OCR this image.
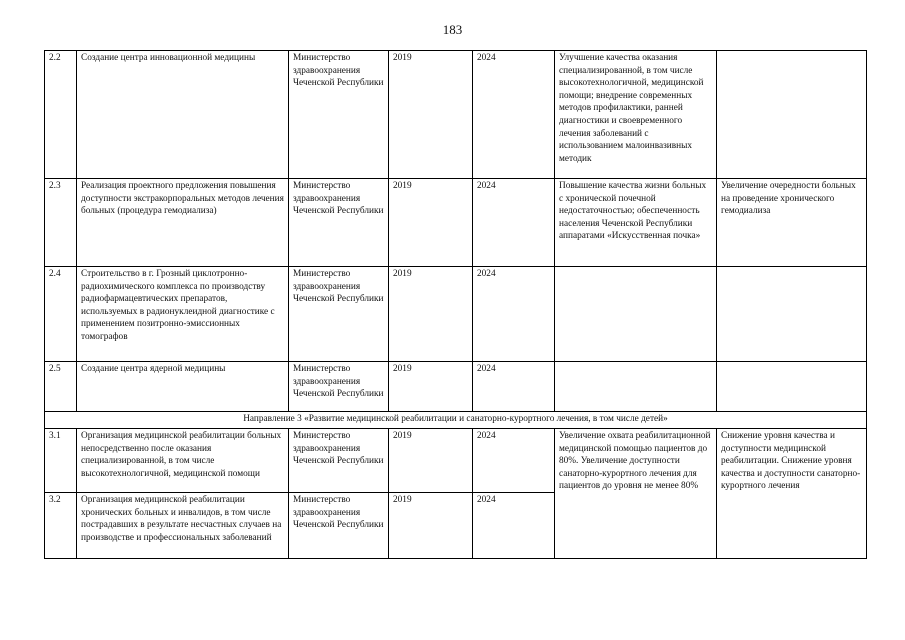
183
2.2	Создание центра инновационной медицины	Министерство здравоохранения Чеченской Республики	2019	2024	Улучшение качества оказания специализированной, в том числе высокотехнологичной, медицинской помощи; внедрение современных методов профилактики, ранней диагностики и своевременного лечения заболеваний с использованием малоинвазивных методик	
2.3	Реализация проектного предложения повышения доступности экстракорпоральных методов лечения больных (процедура гемодиализа)	Министерство здравоохранения Чеченской Республики	2019	2024	Повышение качества жизни больных с хронической почечной недостаточностью; обеспеченность населения Чеченской Республики аппаратами «Искусственная почка»	Увеличение очередности больных на проведение хронического гемодиализа
2.4	Строительство в г. Грозный циклотронно-радиохимического комплекса по производству радиофармацевтических препаратов, используемых в радионуклеидной диагностике с применением позитронно-эмиссионных томографов	Министерство здравоохранения Чеченской Республики	2019	2024		
2.5	Создание центра ядерной медицины	Министерство здравоохранения Чеченской Республики	2019	2024		
Направление 3 «Развитие медицинской реабилитации и санаторно-курортного лечения, в том числе детей»						
3.1	Организация медицинской реабилитации больных непосредственно после оказания специализированной, в том числе высокотехнологичной, медицинской помощи	Министерство здравоохранения Чеченской Республики	2019	2024	Увеличение охвата реабилитационной медицинской помощью пациентов до 80%. Увеличение доступности санаторно-курортного лечения для пациентов до уровня не менее 80%	Снижение уровня качества и доступности медицинской реабилитации. Снижение уровня качества и доступности санаторно-курортного лечения
3.2	Организация медицинской реабилитации хронических больных и инвалидов, в том числе пострадавших в результате несчастных случаев на производстве и профессиональных заболеваний	Министерство здравоохранения Чеченской Республики	2019	2024		
